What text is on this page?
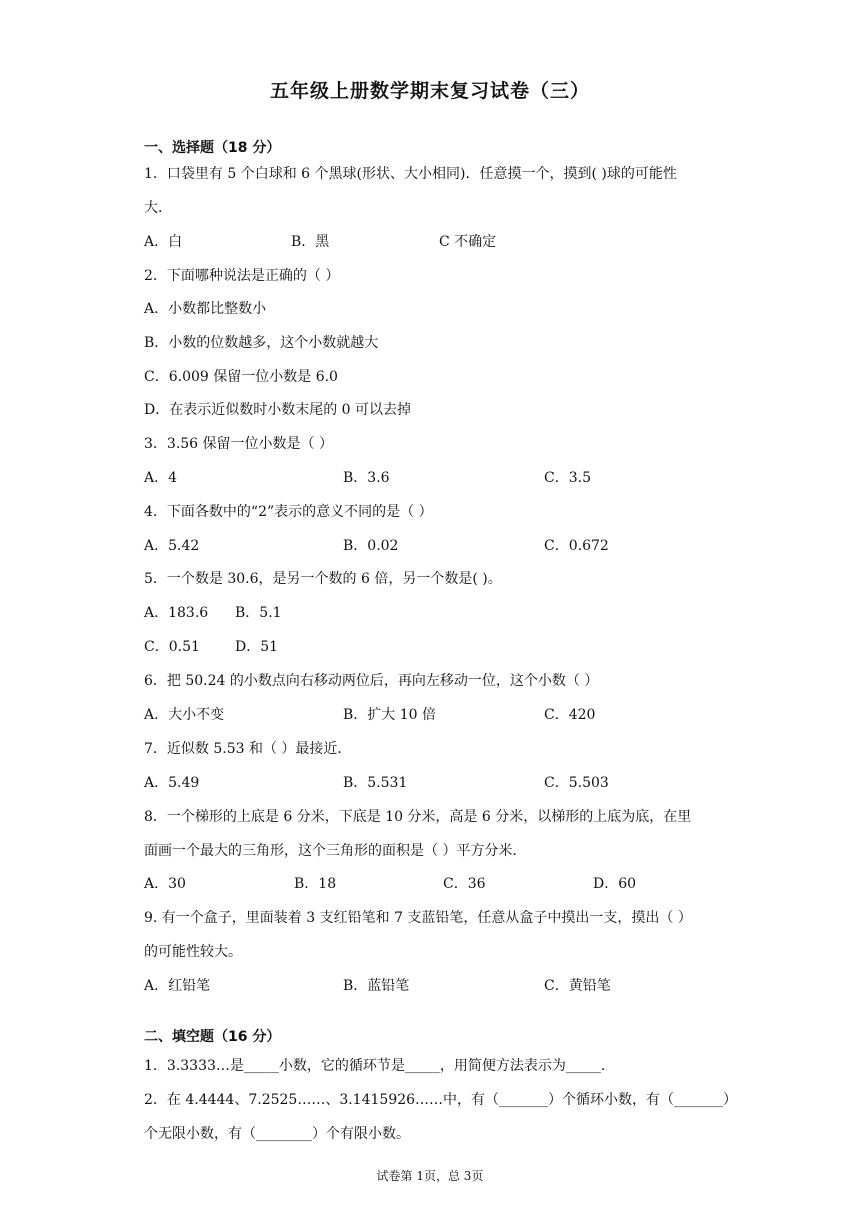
五年级上册数学期末复习试卷（三）
一、选择题（18 分）
1．口袋里有 5 个白球和 6 个黑球(形状、大小相同)．任意摸一个，摸到( )球的可能性
大．
A．白	B．黑	C 不确定
2．下面哪种说法是正确的（ ）
A．小数都比整数小
B．小数的位数越多，这个小数就越大
C．6.009 保留一位小数是 6.0
D．在表示近似数时小数末尾的 0 可以去掉
3．3.56 保留一位小数是（ ）
A．4	B．3.6	C．3.5
4．下面各数中的“2”表示的意义不同的是（ ）
A．5.42	B．0.02	C．0.672
5．一个数是 30.6，是另一个数的 6 倍，另一个数是( )。
A．183.6 B．5.1
C．0.51	D．51
6．把 50.24 的小数点向右移动两位后，再向左移动一位，这个小数（ ）
A．大小不变	B．扩大 10 倍	C．420
7．近似数 5.53 和（ ）最接近．
A．5.49	B．5.531	C．5.503
8．一个梯形的上底是 6 分米，下底是 10 分米，高是 6 分米，以梯形的上底为底，在里
面画一个最大的三角形，这个三角形的面积是（ ）平方分米．
A．30	B．18	C．36	D．60
9. 有一个盒子，里面装着 3 支红铅笔和 7 支蓝铅笔，任意从盒子中摸出一支，摸出（ ）
的可能性较大。
A．红铅笔	B．蓝铅笔	C．黄铅笔
二、填空题（16 分）
1．3.3333…是_____小数，它的循环节是_____，用简便方法表示为_____．
2．在 4.4444、7.2525……、3.1415926……中，有（_______）个循环小数，有（_______）
个无限小数，有（________）个有限小数。
试卷第 1页，总 3页
